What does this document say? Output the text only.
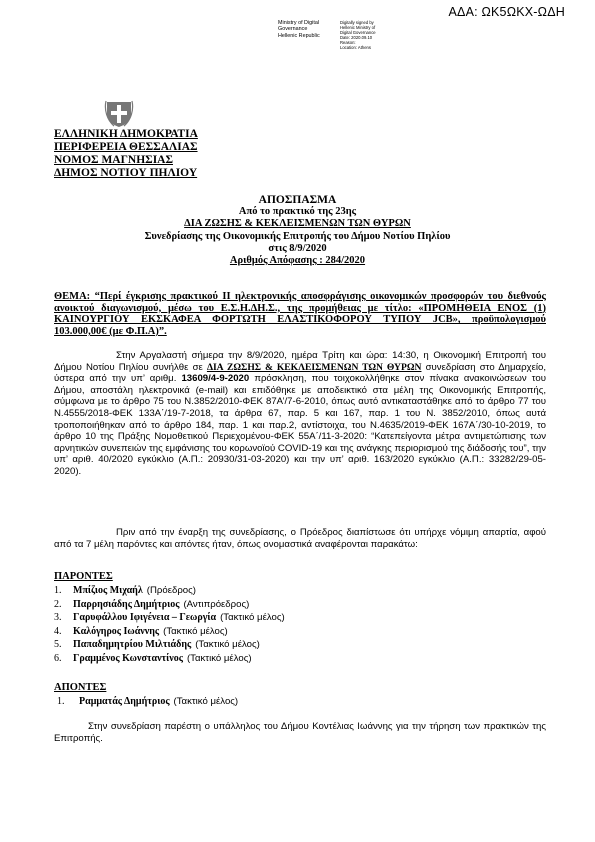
ΑΔΑ: ΩΚ5ΩΚΧ-ΩΔΗ
Ministry of Digital
Governance
Hellenic Republic
Digitally signed by
Hellenic Ministry of
Digital Governance
Date: 2020.09.10
Reason:
Location: Athens
ΕΛΛΗΝΙΚΗ ΔΗΜΟΚΡΑΤΙΑ
ΠΕΡΙΦΕΡΕΙΑ ΘΕΣΣΑΛΙΑΣ
ΝΟΜΟΣ ΜΑΓΝΗΣΙΑΣ
ΔΗΜΟΣ ΝΟΤΙΟΥ ΠΗΛΙΟΥ
ΑΠΟΣΠΑΣΜΑ
Από το πρακτικό της 23ης
ΔΙΑ ΖΩΣΗΣ & ΚΕΚΛΕΙΣΜΕΝΩΝ ΤΩΝ ΘΥΡΩΝ
Συνεδρίασης της Οικονομικής Επιτροπής του Δήμου Νοτίου Πηλίου
στις 8/9/2020
Αριθμός Απόφασης : 284/2020
ΘΕΜΑ: “Περί έγκρισης πρακτικού ΙΙ ηλεκτρονικής αποσφράγισης οικονομικών προσφορών του διεθνούς ανοικτού διαγωνισμού, μέσω του Ε.Σ.Η.ΔΗ.Σ., της προμήθειας με τίτλο: «ΠΡΟΜΗΘΕΙΑ ΕΝΟΣ (1) ΚΑΙΝΟΥΡΓΙΟΥ ΕΚΣΚΑΦΕΑ ΦΟΡΤΩΤΗ ΕΛΑΣΤΙΚΟΦΟΡΟΥ ΤΥΠΟΥ JCB», προϋπολογισμού 103.000,00€ (με Φ.Π.Α)”.
Στην Αργαλαστή σήμερα την 8/9/2020, ημέρα Τρίτη και ώρα: 14:30, η Οικονομική Επιτροπή του Δήμου Νοτίου Πηλίου συνήλθε σε ΔΙΑ ΖΩΣΗΣ & ΚΕΚΛΕΙΣΜΕΝΩΝ ΤΩΝ ΘΥΡΩΝ συνεδρίαση στο Δημαρχείο, ύστερα από την υπ’ αριθμ. 13609/4-9-2020 πρόσκληση, που τοιχοκολλήθηκε στον πίνακα ανακοινώσεων του Δήμου, αποστάλη ηλεκτρονικά (e-mail) και επιδόθηκε με αποδεικτικό στα μέλη της Οικονομικής Επιτροπής, σύμφωνα με το άρθρο 75 του Ν.3852/2010-ΦΕΚ 87Α’/7-6-2010, όπως αυτό αντικαταστάθηκε από το άρθρο 77 του Ν.4555/2018-ΦΕΚ 133Α΄/19-7-2018, τα άρθρα 67, παρ. 5 και 167, παρ. 1 του Ν. 3852/2010, όπως αυτά τροποποιήθηκαν από το άρθρο 184, παρ. 1 και παρ.2, αντίστοιχα, του Ν.4635/2019-ΦΕΚ 167Α΄/30-10-2019, το άρθρο 10 της Πράξης Νομοθετικού Περιεχομένου-ΦΕΚ 55Α΄/11-3-2020: “Κατεπείγοντα μέτρα αντιμετώπισης των αρνητικών συνεπειών της εμφάνισης του κορωνοϊού COVID-19 και της ανάγκης περιορισμού της διάδοσής του”, την υπ’ αριθ. 40/2020 εγκύκλιο (Α.Π.: 20930/31-03-2020) και την υπ’ αριθ. 163/2020 εγκύκλιο (Α.Π.: 33282/29-05-2020).
Πριν από την έναρξη της συνεδρίασης, ο Πρόεδρος διαπίστωσε ότι υπήρχε νόμιμη απαρτία, αφού από τα 7 μέλη παρόντες και απόντες ήταν, όπως ονομαστικά αναφέρονται παρακάτω:
ΠΑΡΟΝΤΕΣ
1.	Μπίζιος Μιχαήλ (Πρόεδρος)
2.	Παρρησιάδης Δημήτριος (Αντιπρόεδρος)
3.	Γαρυφάλλου Ιφιγένεια – Γεωργία (Τακτικό μέλος)
4.	Καλόγηρος Ιωάννης (Τακτικό μέλος)
5.	Παπαδημητρίου Μιλτιάδης (Τακτικό μέλος)
6.	Γραμμένος Κωνσταντίνος (Τακτικό μέλος)
ΑΠΟΝΤΕΣ
1.	Ραμματάς Δημήτριος (Τακτικό μέλος)
Στην συνεδρίαση παρέστη ο υπάλληλος του Δήμου Κοντέλιας Ιωάννης για την τήρηση των πρακτικών της Επιτροπής.
